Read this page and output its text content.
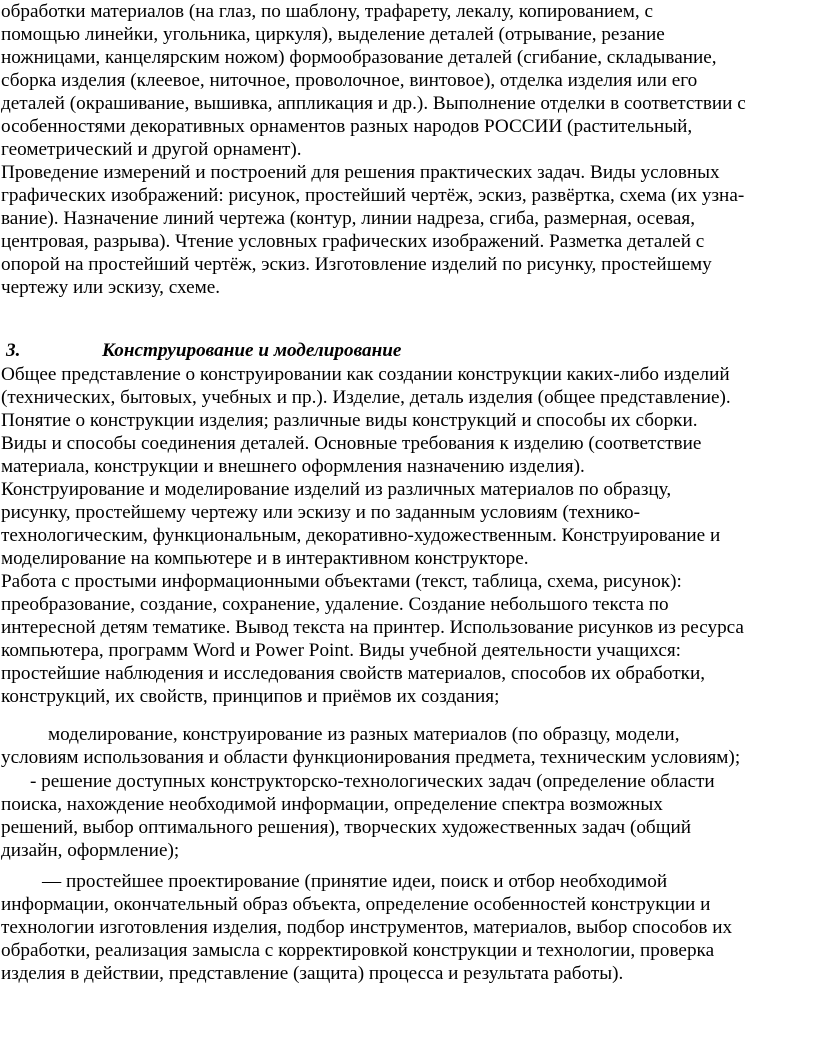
обработки материалов (на глаз, по шаблону, трафарету, лекалу, копированием, с
помощью линейки, угольника, циркуля), выделение деталей (отрывание, резание
ножницами, канцелярским ножом) формообразование деталей (сгибание, складывание,
сборка изделия (клеевое, ниточное, проволочное, винтовое), отделка изделия или его
деталей (окрашивание, вышивка, аппликация и др.). Выполнение отделки в соответствии с
особенностями декоративных орнаментов разных народов РОССИИ (растительный,
геометрический и другой орнамент).
Проведение измерений и построений для решения практических задач. Виды условных
графических изображений: рисунок, простейший чертёж, эскиз, развёртка, схема (их узна-
вание). Назначение линий чертежа (контур, линии надреза, сгиба, размерная, осевая,
центровая, разрыва). Чтение условных графических изображений. Разметка деталей с
опорой на простейший чертёж, эскиз. Изготовление изделий по рисунку, простейшему
чертежу или эскизу, схеме.
3.	Конструирование и моделирование
Общее представление о конструировании как создании конструкции каких-либо изделий
(технических, бытовых, учебных и пр.). Изделие, деталь изделия (общее представление).
Понятие о конструкции изделия; различные виды конструкций и способы их сборки.
Виды и способы соединения деталей. Основные требования к изделию (соответствие
материала, конструкции и внешнего оформления назначению изделия).
Конструирование и моделирование изделий из различных материалов по образцу,
рисунку, простейшему чертежу или эскизу и по заданным условиям (технико-
технологическим, функциональным, декоративно-художественным. Конструирование и
моделирование на компьютере и в интерактивном конструкторе.
Работа с простыми информационными объектами (текст, таблица, схема, рисунок):
преобразование, создание, сохранение, удаление. Создание небольшого текста по
интересной детям тематике. Вывод текста на принтер. Использование рисунков из ресурса
компьютера, программ Word и Power Point. Виды учебной деятельности учащихся:
простейшие наблюдения и исследования свойств материалов, способов их обработки,
конструкций, их свойств, принципов и приёмов их создания;
моделирование, конструирование из разных материалов (по образцу, модели,
условиям использования и области функционирования предмета, техническим условиям);
- решение доступных конструкторско-технологических задач (определение области
поиска, нахождение необходимой информации, определение спектра возможных
решений, выбор оптимального решения), творческих художественных задач (общий
дизайн, оформление);
— простейшее проектирование (принятие идеи, поиск и отбор необходимой
информации, окончательный образ объекта, определение особенностей конструкции и
технологии изготовления изделия, подбор инструментов, материалов, выбор способов их
обработки, реализация замысла с корректировкой конструкции и технологии, проверка
изделия в действии, представление (защита) процесса и результата работы).
